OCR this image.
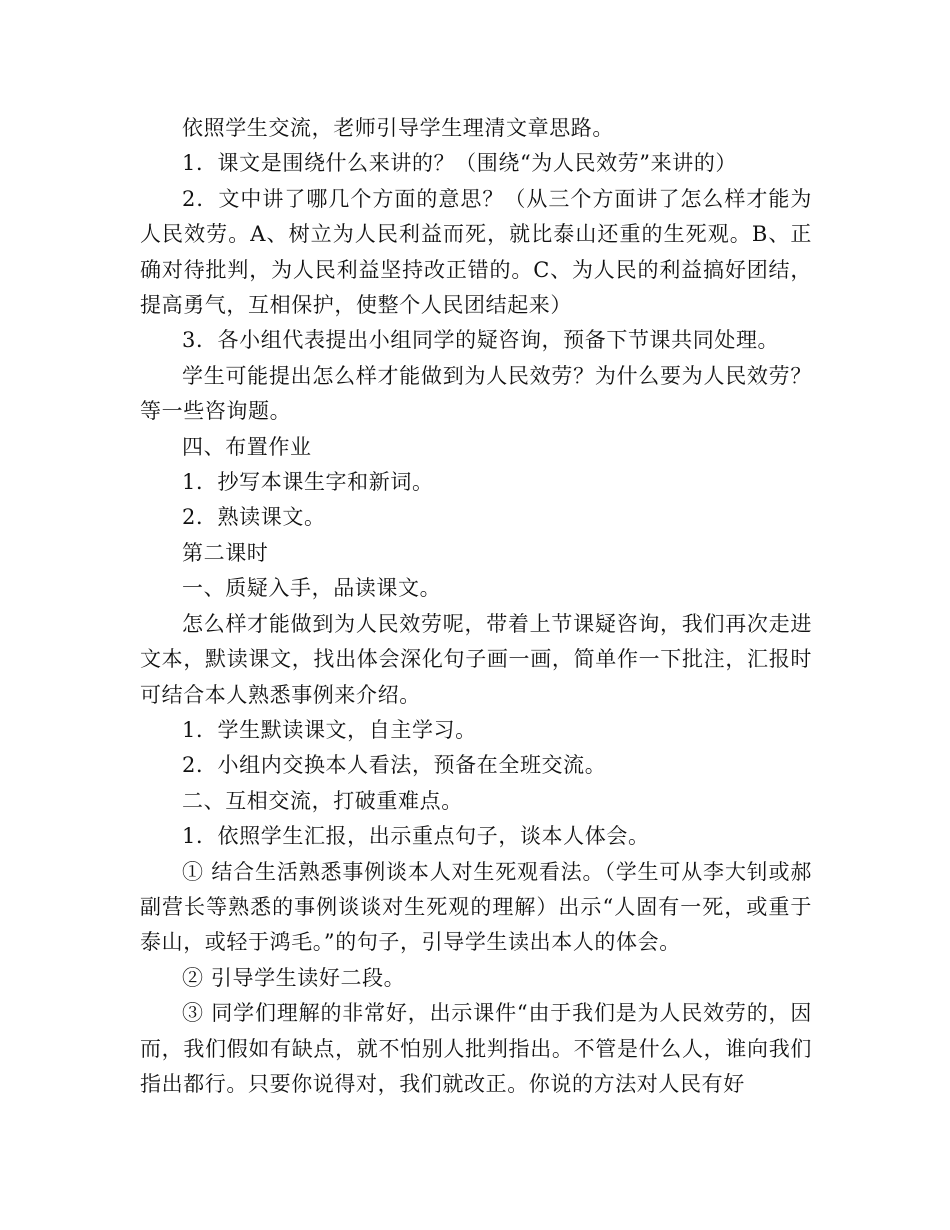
依照学生交流，老师引导学生理清文章思路。

1．课文是围绕什么来讲的？（围绕“为人民效劳”来讲的）

2．文中讲了哪几个方面的意思？（从三个方面讲了怎么样才能为人民效劳。A、树立为人民利益而死，就比泰山还重的生死观。B、正确对待批判，为人民利益坚持改正错的。C、为人民的利益搞好团结，提高勇气，互相保护，使整个人民团结起来）

3．各小组代表提出小组同学的疑咨询，预备下节课共同处理。

学生可能提出怎么样才能做到为人民效劳？为什么要为人民效劳？等一些咨询题。

四、布置作业

1．抄写本课生字和新词。

2．熟读课文。

第二课时

一、质疑入手，品读课文。

怎么样才能做到为人民效劳呢，带着上节课疑咨询，我们再次走进文本，默读课文，找出体会深化句子画一画，简单作一下批注，汇报时可结合本人熟悉事例来介绍。

1．学生默读课文，自主学习。

2．小组内交换本人看法，预备在全班交流。

二、互相交流，打破重难点。

1．依照学生汇报，出示重点句子，谈本人体会。

① 结合生活熟悉事例谈本人对生死观看法。（学生可从李大钊或郝副营长等熟悉的事例谈谈对生死观的理解）出示“人固有一死，或重于泰山，或轻于鸿毛。”的句子，引导学生读出本人的体会。

② 引导学生读好二段。

③ 同学们理解的非常好，出示课件“由于我们是为人民效劳的，因而，我们假如有缺点，就不怕别人批判指出。不管是什么人，谁向我们指出都行。只要你说得对，我们就改正。你说的方法对人民有好
